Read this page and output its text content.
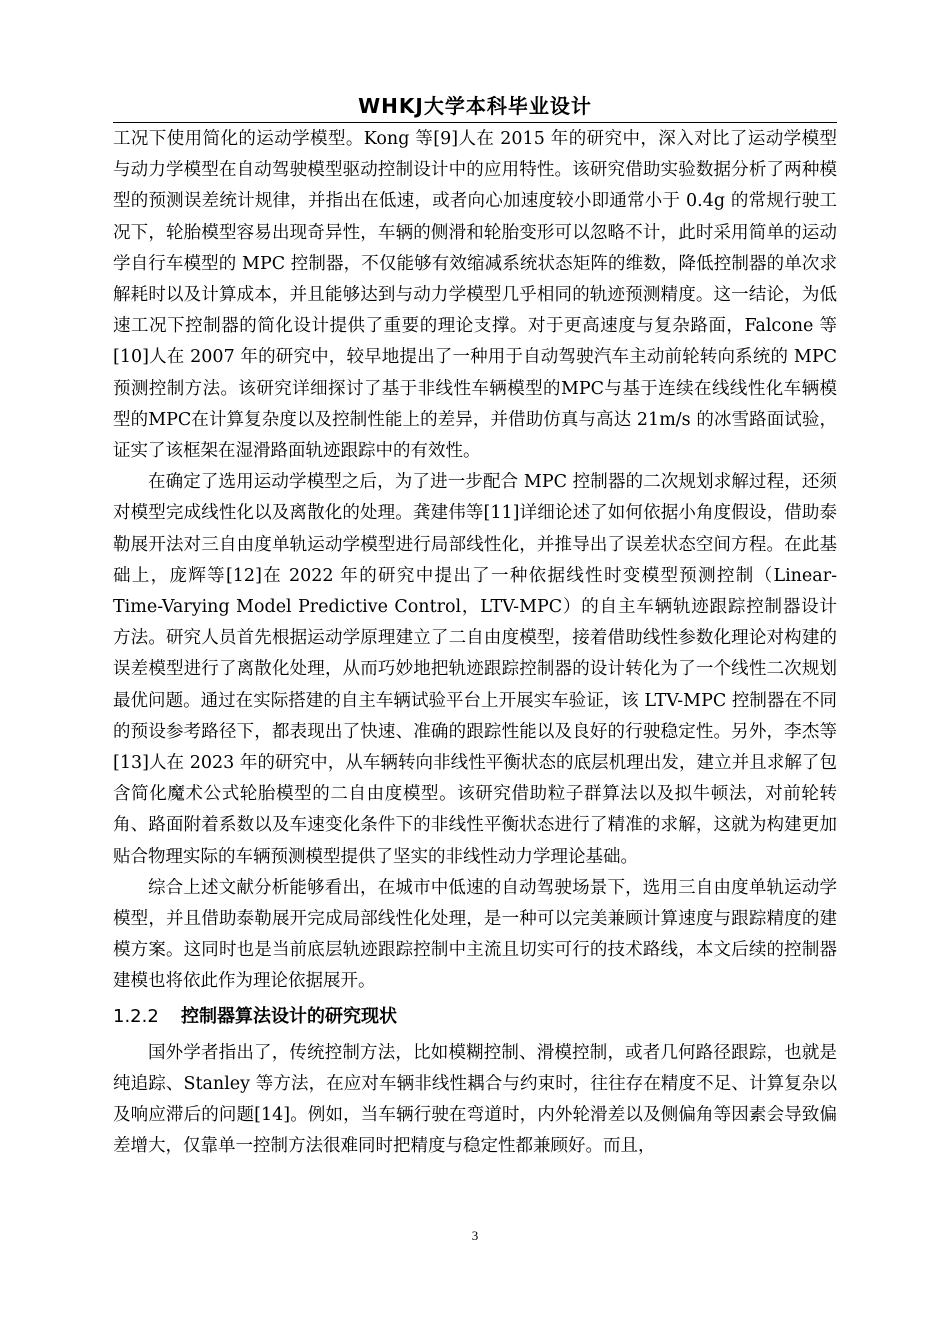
WHKJ大学本科毕业设计

工况下使用简化的运动学模型。Kong 等[9]人在 2015 年的研究中，深入对比了运动学模型与动力学模型在自动驾驶模型驱动控制设计中的应用特性。该研究借助实验数据分析了两种模型的预测误差统计规律，并指出在低速，或者向心加速度较小即通常小于 0.4g 的常规行驶工况下，轮胎模型容易出现奇异性，车辆的侧滑和轮胎变形可以忽略不计，此时采用简单的运动学自行车模型的 MPC 控制器，不仅能够有效缩减系统状态矩阵的维数，降低控制器的单次求解耗时以及计算成本，并且能够达到与动力学模型几乎相同的轨迹预测精度。这一结论，为低速工况下控制器的简化设计提供了重要的理论支撑。对于更高速度与复杂路面，Falcone 等[10]人在 2007 年的研究中，较早地提出了一种用于自动驾驶汽车主动前轮转向系统的 MPC 预测控制方法。该研究详细探讨了基于非线性车辆模型的MPC与基于连续在线线性化车辆模型的MPC在计算复杂度以及控制性能上的差异，并借助仿真与高达 21m/s 的冰雪路面试验，证实了该框架在湿滑路面轨迹跟踪中的有效性。

在确定了选用运动学模型之后，为了进一步配合 MPC 控制器的二次规划求解过程，还须对模型完成线性化以及离散化的处理。龚建伟等[11]详细论述了如何依据小角度假设，借助泰勒展开法对三自由度单轨运动学模型进行局部线性化，并推导出了误差状态空间方程。在此基础上，庞辉等[12]在 2022 年的研究中提出了一种依据线性时变模型预测控制（Linear-Time-Varying Model Predictive Control，LTV-MPC）的自主车辆轨迹跟踪控制器设计方法。研究人员首先根据运动学原理建立了二自由度模型，接着借助线性参数化理论对构建的误差模型进行了离散化处理，从而巧妙地把轨迹跟踪控制器的设计转化为了一个线性二次规划最优问题。通过在实际搭建的自主车辆试验平台上开展实车验证，该 LTV-MPC 控制器在不同的预设参考路径下，都表现出了快速、准确的跟踪性能以及良好的行驶稳定性。另外，李杰等[13]人在 2023 年的研究中，从车辆转向非线性平衡状态的底层机理出发，建立并且求解了包含简化魔术公式轮胎模型的二自由度模型。该研究借助粒子群算法以及拟牛顿法，对前轮转角、路面附着系数以及车速变化条件下的非线性平衡状态进行了精准的求解，这就为构建更加贴合物理实际的车辆预测模型提供了坚实的非线性动力学理论基础。

综合上述文献分析能够看出，在城市中低速的自动驾驶场景下，选用三自由度单轨运动学模型，并且借助泰勒展开完成局部线性化处理，是一种可以完美兼顾计算速度与跟踪精度的建模方案。这同时也是当前底层轨迹跟踪控制中主流且切实可行的技术路线，本文后续的控制器建模也将依此作为理论依据展开。

1.2.2 控制器算法设计的研究现状

国外学者指出了，传统控制方法，比如模糊控制、滑模控制，或者几何路径跟踪，也就是纯追踪、Stanley 等方法，在应对车辆非线性耦合与约束时，往往存在精度不足、计算复杂以及响应滞后的问题[14]。例如，当车辆行驶在弯道时，内外轮滑差以及侧偏角等因素会导致偏差增大，仅靠单一控制方法很难同时把精度与稳定性都兼顾好。而且，

3
